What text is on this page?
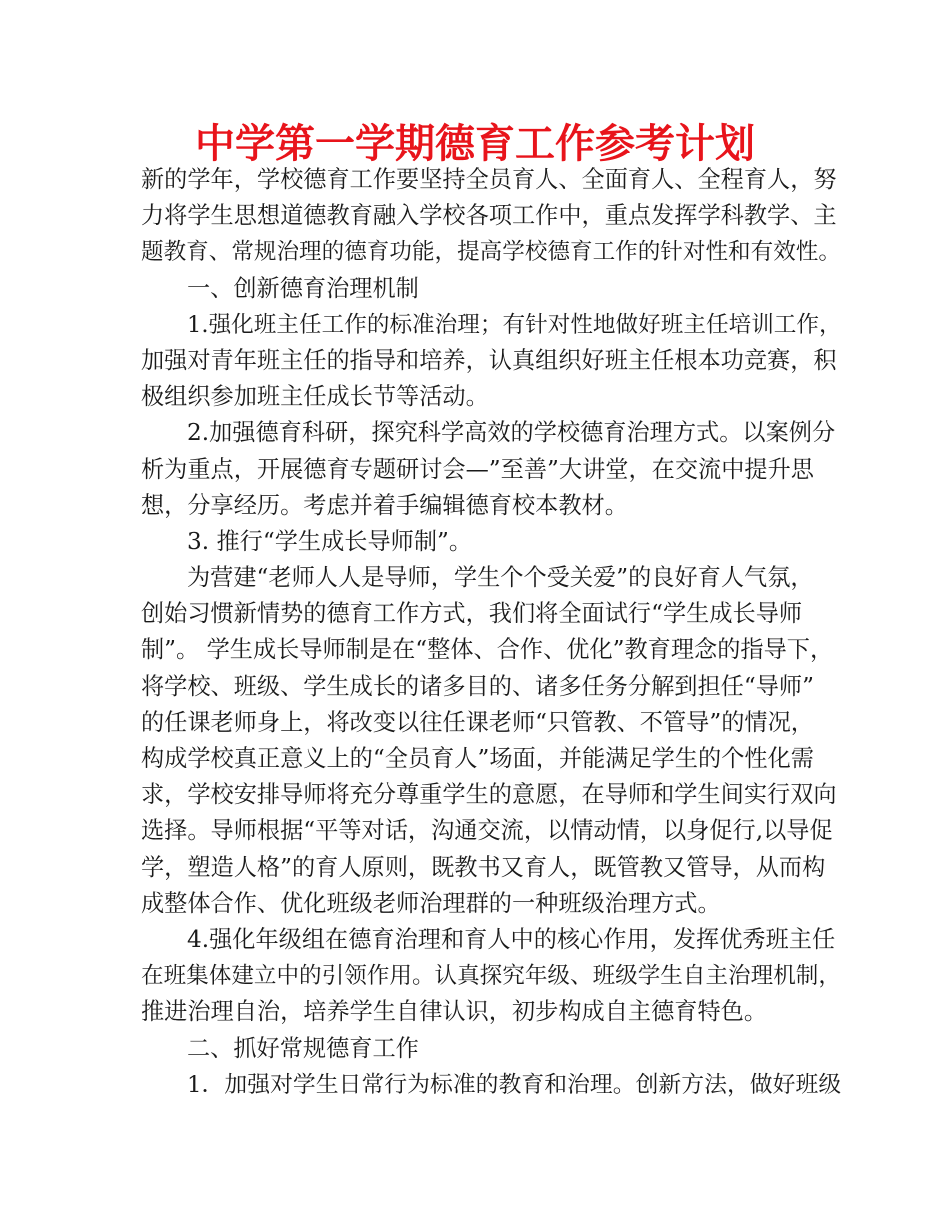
中学第一学期德育工作参考计划
新的学年，学校德育工作要坚持全员育人、全面育人、全程育人，努
力将学生思想道德教育融入学校各项工作中，重点发挥学科教学、主
题教育、常规治理的德育功能，提高学校德育工作的针对性和有效性。
一、创新德育治理机制
1.强化班主任工作的标准治理；有针对性地做好班主任培训工作，
加强对青年班主任的指导和培养，认真组织好班主任根本功竞赛，积
极组织参加班主任成长节等活动。
2.加强德育科研，探究科学高效的学校德育治理方式。以案例分
析为重点，开展德育专题研讨会—”至善”大讲堂，在交流中提升思
想，分享经历。考虑并着手编辑德育校本教材。
3. 推行“学生成长导师制”。
为营建“老师人人是导师，学生个个受关爱”的良好育人气氛，
创始习惯新情势的德育工作方式，我们将全面试行“学生成长导师
制”。 学生成长导师制是在“整体、合作、优化”教育理念的指导下，
将学校、班级、学生成长的诸多目的、诸多任务分解到担任“导师”
的任课老师身上，将改变以往任课老师“只管教、不管导”的情况，
构成学校真正意义上的“全员育人”场面，并能满足学生的个性化需
求，学校安排导师将充分尊重学生的意愿，在导师和学生间实行双向
选择。导师根据“平等对话，沟通交流，以情动情，以身促行,以导促
学，塑造人格”的育人原则，既教书又育人，既管教又管导，从而构
成整体合作、优化班级老师治理群的一种班级治理方式。
4.强化年级组在德育治理和育人中的核心作用，发挥优秀班主任
在班集体建立中的引领作用。认真探究年级、班级学生自主治理机制，
推进治理自治，培养学生自律认识，初步构成自主德育特色。
二、抓好常规德育工作
1．加强对学生日常行为标准的教育和治理。创新方法，做好班级
